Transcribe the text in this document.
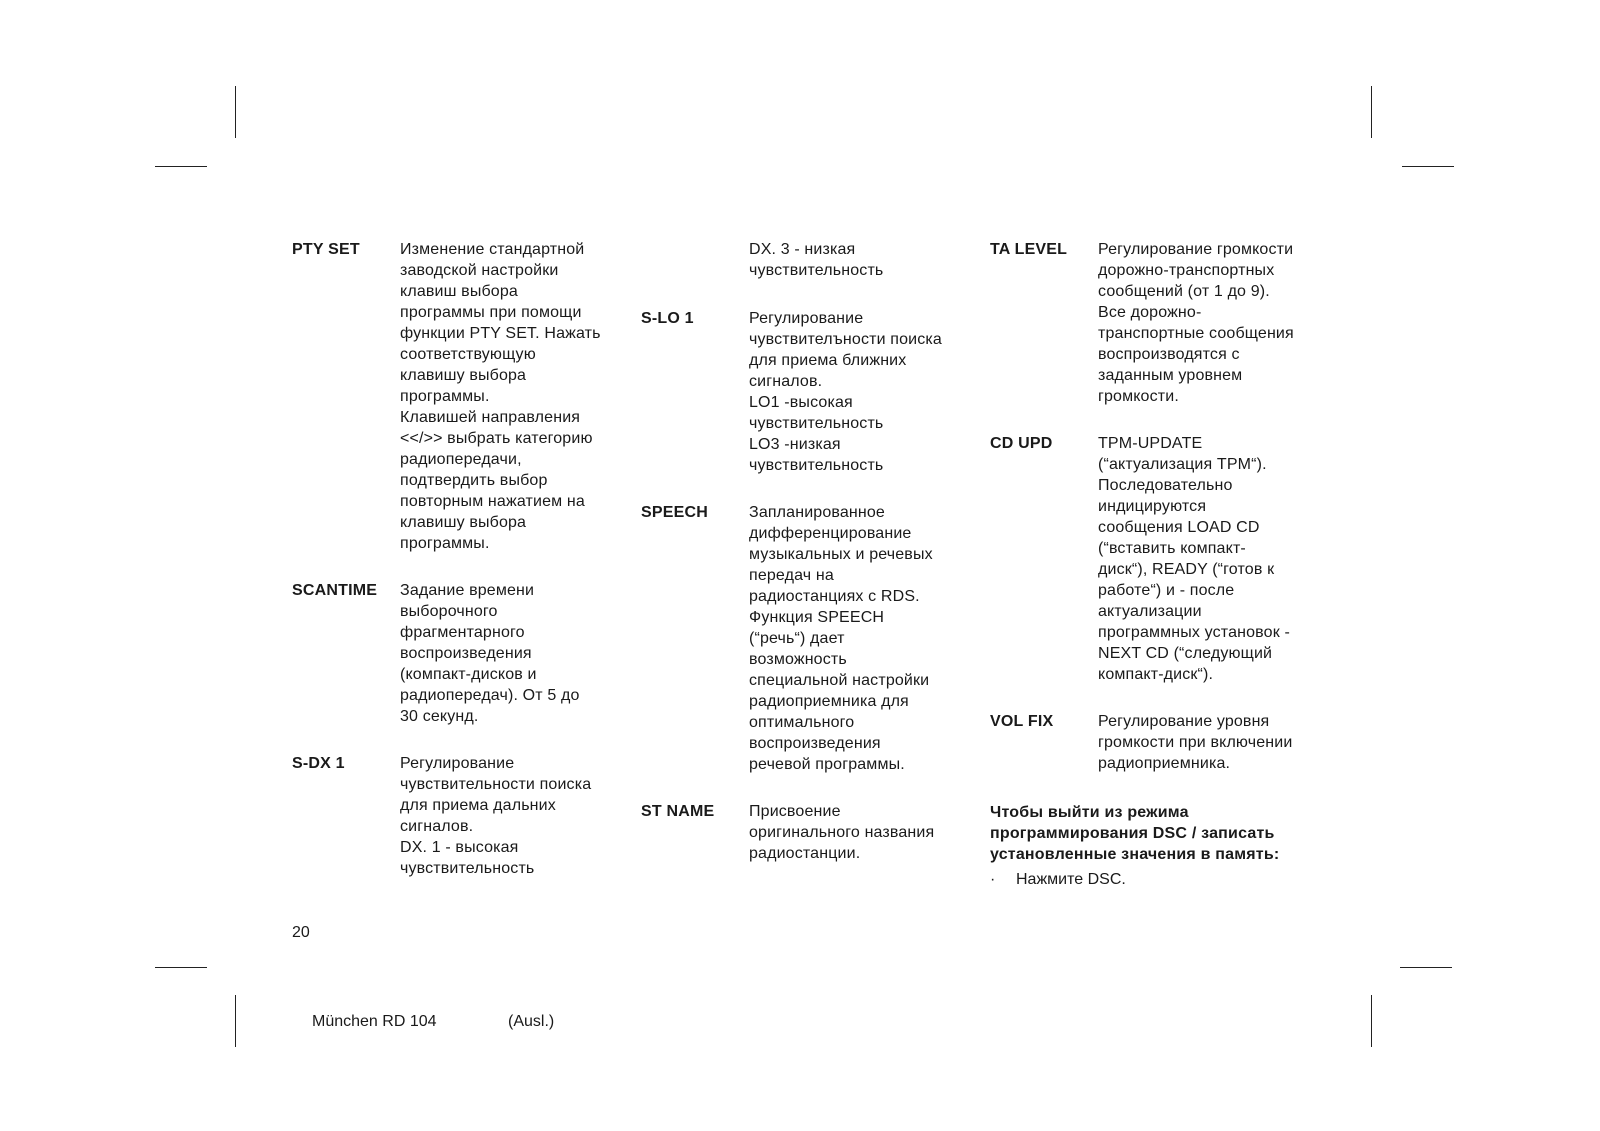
PTY SET	Изменение стандартной
заводской настройки
клавиш выбора
программы при помощи
функции PTY SET. Нажать
соответствующую
клавишу выбора
программы.
Клавишей направления
<</>> выбрать категорию
радиопередачи,
подтвердить выбор
повторным нажатием на
клавишу выбора
программы.
SCANTIME	Задание времени
выборочного
фрагментарного
воспроизведения
(компакт-дисков и
радиопередач). От 5 до
30 секунд.
S-DX 1	Регулирование
чувствительности поиска
для приема дальних
сигналов.
DX. 1 - высокая
чувствительность
DX. 3 - низкая
чувствительность
S-LO 1	Регулирование
чувствителъности поиска
для приема ближних
сигналов.
LO1 -высокая
чувствительность
LO3 -низкая
чувствительность
SPEECH	Запланированное
дифференцирование
музыкальных и речевых
передач на
радиостанциях с RDS.
Функция SPEECH
(“речь“) дает
возможность
специальной настройки
радиоприемника для
оптимального
воспроизведения
речевой программы.
ST NAME	Присвоение
оригинального названия
радиостанции.
TA LEVEL	Регулирование громкости
дорожно-транспортных
сообщений (от 1 до 9).
Все дорожно-
транспортные сообщения
воспроизводятся с
заданным уровнем
громкости.
CD UPD	TPM-UPDATE
(“актуализация TPM“).
Последовательно
индицируются
сообщения LOAD CD
(“вставить компакт-
диск“), READY (“готов к
работе“) и - после
актуализации
программных установок -
NEXT CD (“следующий
компакт-диск“).
VOL FIX	Регулирование уровня
громкости при включении
радиоприемника.
Чтобы выйти из режима
программирования DSC / записать
установленные значения в память:
·	Нажмите DSC.
20
München RD 104	(Ausl.)
